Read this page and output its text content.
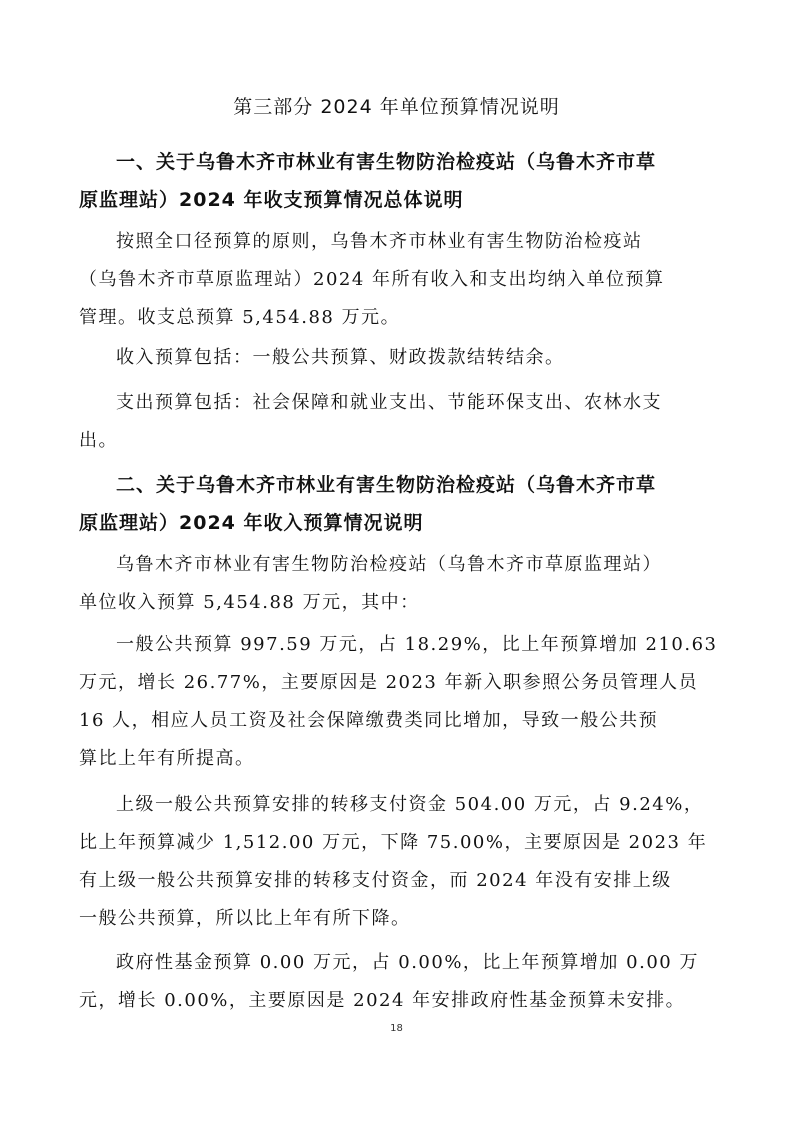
第三部分 2024 年单位预算情况说明
一、关于乌鲁木齐市林业有害生物防治检疫站（乌鲁木齐市草
原监理站）2024 年收支预算情况总体说明
按照全口径预算的原则，乌鲁木齐市林业有害生物防治检疫站
（乌鲁木齐市草原监理站）2024 年所有收入和支出均纳入单位预算
管理。收支总预算 5,454.88 万元。
收入预算包括：一般公共预算、财政拨款结转结余。
支出预算包括：社会保障和就业支出、节能环保支出、农林水支
出。
二、关于乌鲁木齐市林业有害生物防治检疫站（乌鲁木齐市草
原监理站）2024 年收入预算情况说明
乌鲁木齐市林业有害生物防治检疫站（乌鲁木齐市草原监理站）
单位收入预算 5,454.88 万元，其中：
一般公共预算 997.59 万元，占 18.29%，比上年预算增加 210.63
万元，增长 26.77%，主要原因是 2023 年新入职参照公务员管理人员
16 人，相应人员工资及社会保障缴费类同比增加，导致一般公共预
算比上年有所提高。
上级一般公共预算安排的转移支付资金 504.00 万元，占 9.24%，
比上年预算减少 1,512.00 万元，下降 75.00%，主要原因是 2023 年
有上级一般公共预算安排的转移支付资金，而 2024 年没有安排上级
一般公共预算，所以比上年有所下降。
政府性基金预算 0.00 万元，占 0.00%，比上年预算增加 0.00 万
元，增长 0.00%，主要原因是 2024 年安排政府性基金预算未安排。
18
